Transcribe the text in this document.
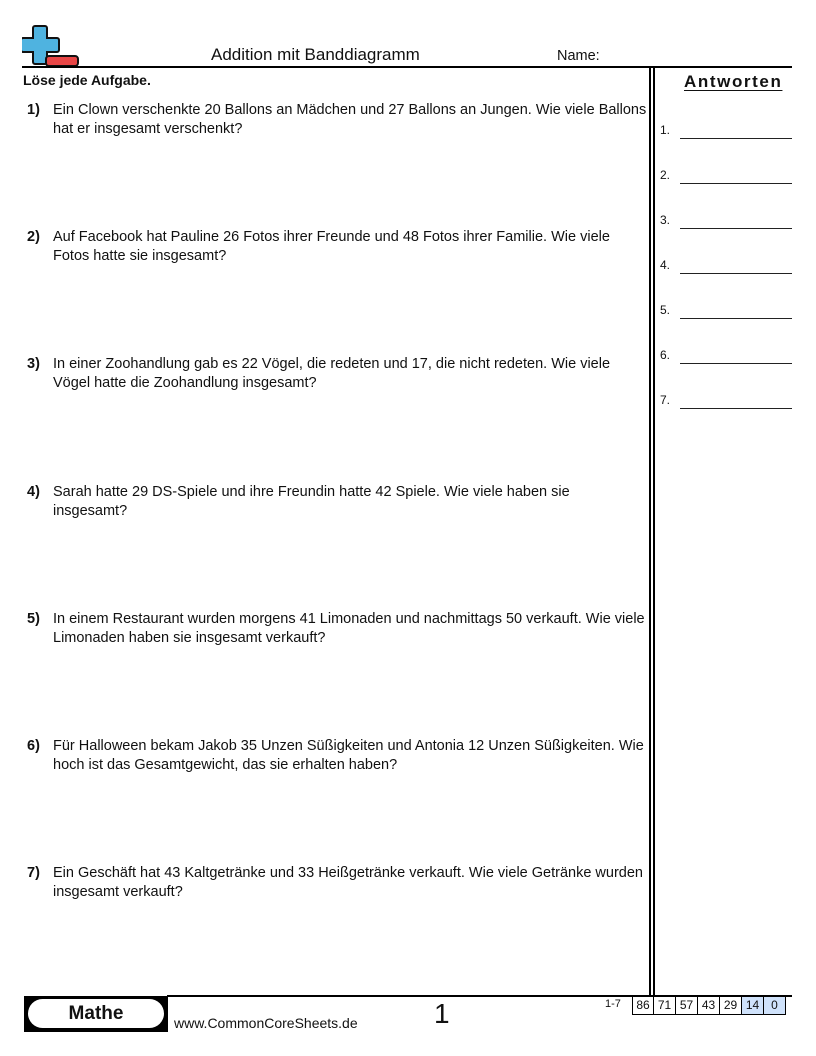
Addition mit Banddiagramm	Name:
Löse jede Aufgabe.	Antworten
1) Ein Clown verschenkte 20 Ballons an Mädchen und 27 Ballons an Jungen. Wie viele Ballons hat er insgesamt verschenkt?
2) Auf Facebook hat Pauline 26 Fotos ihrer Freunde und 48 Fotos ihrer Familie. Wie viele Fotos hatte sie insgesamt?
3) In einer Zoohandlung gab es 22 Vögel, die redeten und 17, die nicht redeten. Wie viele Vögel hatte die Zoohandlung insgesamt?
4) Sarah hatte 29 DS-Spiele und ihre Freundin hatte 42 Spiele. Wie viele haben sie insgesamt?
5) In einem Restaurant wurden morgens 41 Limonaden und nachmittags 50 verkauft. Wie viele Limonaden haben sie insgesamt verkauft?
6) Für Halloween bekam Jakob 35 Unzen Süßigkeiten und Antonia 12 Unzen Süßigkeiten. Wie hoch ist das Gesamtgewicht, das sie erhalten haben?
7) Ein Geschäft hat 43 Kaltgetränke und 33 Heißgetränke verkauft. Wie viele Getränke wurden insgesamt verkauft?
1.
2.
3.
4.
5.
6.
7.
Mathe	www.CommonCoreSheets.de	1	1-7 86 71 57 43 29 14 0
